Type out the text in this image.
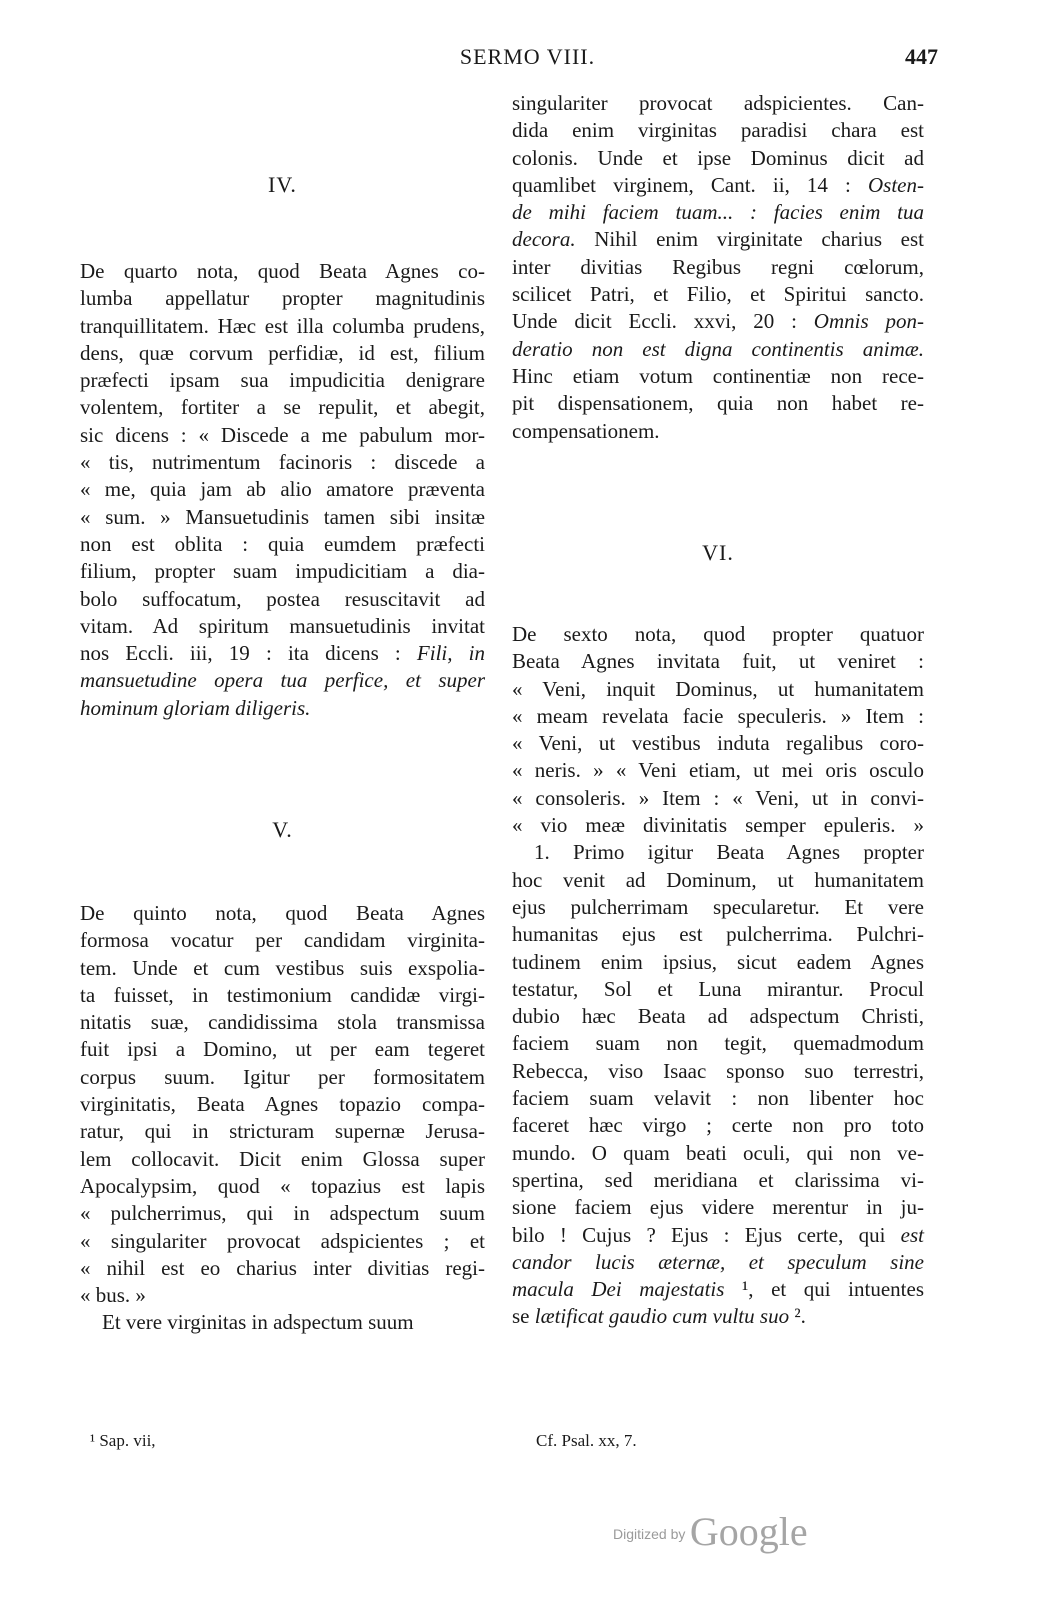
SERMO VIII.	447
IV.
De quarto nota, quod Beata Agnes co-
lumba appellatur propter magnitudinis
tranquillitatem. Hæc est illa columba prudens,
dens, quæ corvum perfidiæ, id est, filium
præfecti ipsam sua impudicitia denigrare
volentem, fortiter a se repulit, et abegit,
sic dicens : « Discede a me pabulum mor-
« tis, nutrimentum facinoris : discede a
« me, quia jam ab alio amatore præventa
« sum. » Mansuetudinis tamen sibi insitæ
non est oblita : quia eumdem præfecti
filium, propter suam impudicitiam a dia-
bolo suffocatum, postea resuscitavit ad
vitam. Ad spiritum mansuetudinis invitat
nos Eccli. iii, 19 : ita dicens : Fili, in
mansuetudine opera tua perfice, et super
hominum gloriam diligeris.
V.
De quinto nota, quod Beata Agnes
formosa vocatur per candidam virginita-
tem. Unde et cum vestibus suis exspolia-
ta fuisset, in testimonium candidæ virgi-
nitatis suæ, candidissima stola transmissa
fuit ipsi a Domino, ut per eam tegeret
corpus suum. Igitur per formositatem
virginitatis, Beata Agnes topazio compa-
ratur, qui in stricturam supernæ Jerusa-
lem collocavit. Dicit enim Glossa super
Apocalypsim, quod « topazius est lapis
« pulcherrimus, qui in adspectum suum
« singulariter provocat adspicientes ; et
« nihil est eo charius inter divitias regi-
« bus. »
Et vere virginitas in adspectum suum
singulariter provocat adspicientes. Can-
dida enim virginitas paradisi chara est
colonis. Unde et ipse Dominus dicit ad
quamlibet virginem, Cant. ii, 14 : Osten-
de mihi faciem tuam... : facies enim tua
decora. Nihil enim virginitate charius est
inter divitias Regibus regni cœlorum,
scilicet Patri, et Filio, et Spiritui sancto.
Unde dicit Eccli. xxvi, 20 : Omnis pon-
deratio non est digna continentis animæ.
Hinc etiam votum continentiæ non rece-
pit dispensationem, quia non habet re-
compensationem.
VI.
De sexto nota, quod propter quatuor
Beata Agnes invitata fuit, ut veniret :
« Veni, inquit Dominus, ut humanitatem
« meam revelata facie speculeris. » Item :
« Veni, ut vestibus induta regalibus coro-
« neris. » « Veni etiam, ut mei oris osculo
« consoleris. » Item : « Veni, ut in convi-
« vio meæ divinitatis semper epuleris. »
1. Primo igitur Beata Agnes propter
hoc venit ad Dominum, ut humanitatem
ejus pulcherrimam specularetur. Et vere
humanitas ejus est pulcherrima. Pulchri-
tudinem enim ipsius, sicut eadem Agnes
testatur, Sol et Luna mirantur. Procul
dubio hæc Beata ad adspectum Christi,
faciem suam non tegit, quemadmodum
Rebecca, viso Isaac sponso suo terrestri,
faciem suam velavit : non libenter hoc
faceret hæc virgo ; certe non pro toto
mundo. O quam beati oculi, qui non ve-
spertina, sed meridiana et clarissima vi-
sione faciem ejus videre merentur in ju-
bilo ! Cujus ? Ejus : Ejus certe, qui est
candor lucis æternæ, et speculum sine
macula Dei majestatis ¹, et qui intuentes
se lætificat gaudio cum vultu suo ².
¹ Sap. vii,	Cf. Psal. xx, 7.
Digitized by Google
